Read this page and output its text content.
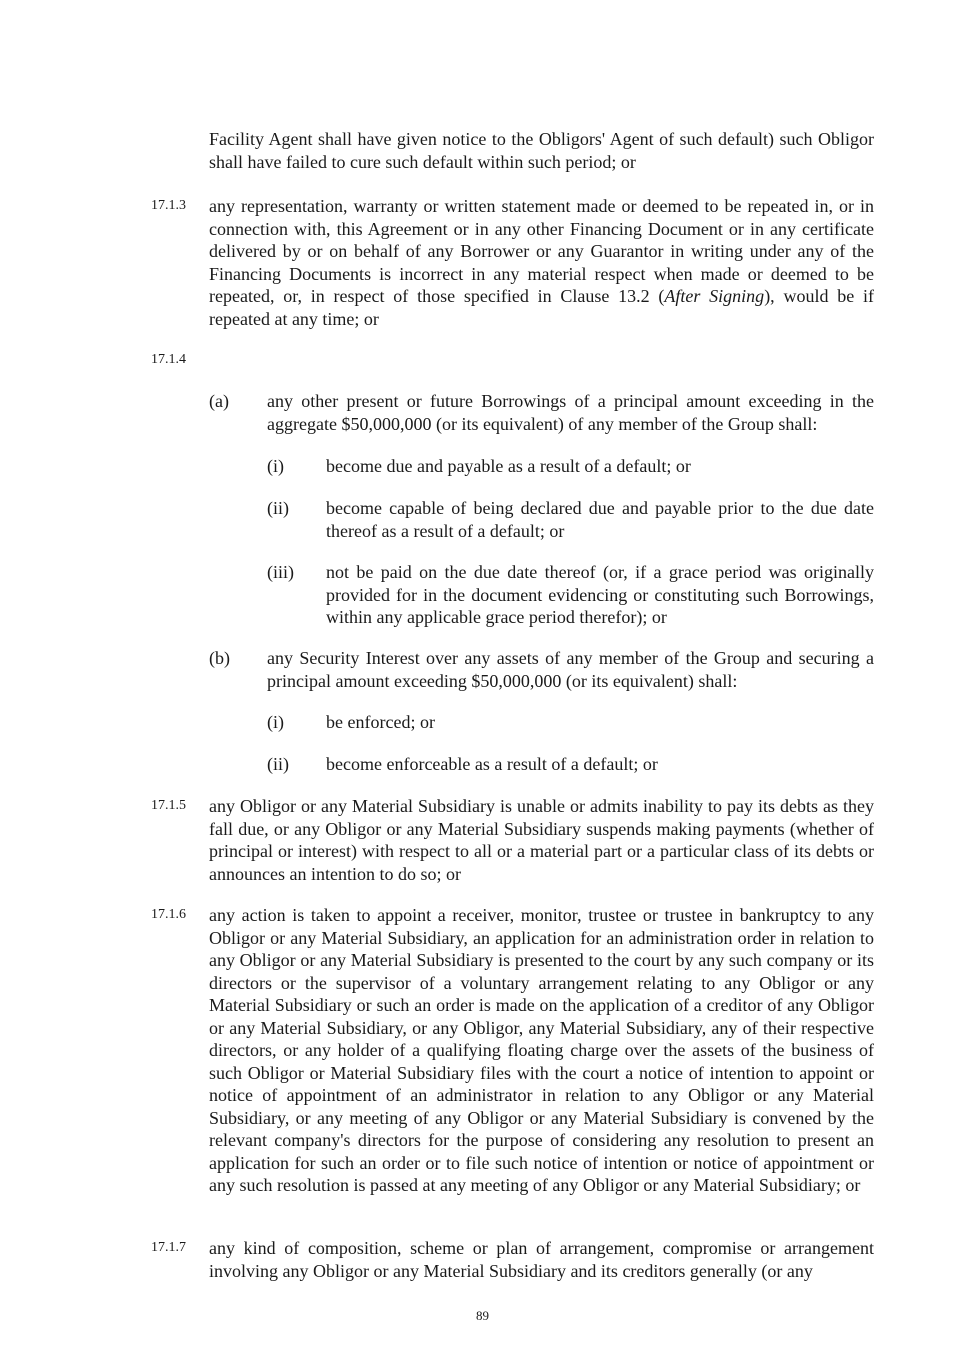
Facility Agent shall have given notice to the Obligors' Agent of such default) such Obligor shall have failed to cure such default within such period; or

17.1.3 any representation, warranty or written statement made or deemed to be repeated in, or in connection with, this Agreement or in any other Financing Document or in any certificate delivered by or on behalf of any Borrower or any Guarantor in writing under any of the Financing Documents is incorrect in any material respect when made or deemed to be repeated, or, in respect of those specified in Clause 13.2 (After Signing), would be if repeated at any time; or

17.1.4
(a) any other present or future Borrowings of a principal amount exceeding in the aggregate $50,000,000 (or its equivalent) of any member of the Group shall:

(i) become due and payable as a result of a default; or

(ii) become capable of being declared due and payable prior to the due date thereof as a result of a default; or

(iii) not be paid on the due date thereof (or, if a grace period was originally provided for in the document evidencing or constituting such Borrowings, within any applicable grace period therefor); or

(b) any Security Interest over any assets of any member of the Group and securing a principal amount exceeding $50,000,000 (or its equivalent) shall:

(i) be enforced; or

(ii) become enforceable as a result of a default; or

17.1.5 any Obligor or any Material Subsidiary is unable or admits inability to pay its debts as they fall due, or any Obligor or any Material Subsidiary suspends making payments (whether of principal or interest) with respect to all or a material part or a particular class of its debts or announces an intention to do so; or

17.1.6 any action is taken to appoint a receiver, monitor, trustee or trustee in bankruptcy to any Obligor or any Material Subsidiary, an application for an administration order in relation to any Obligor or any Material Subsidiary is presented to the court by any such company or its directors or the supervisor of a voluntary arrangement relating to any Obligor or any Material Subsidiary or such an order is made on the application of a creditor of any Obligor or any Material Subsidiary, or any Obligor, any Material Subsidiary, any of their respective directors, or any holder of a qualifying floating charge over the assets of the business of such Obligor or Material Subsidiary files with the court a notice of intention to appoint or notice of appointment of an administrator in relation to any Obligor or any Material Subsidiary, or any meeting of any Obligor or any Material Subsidiary is convened by the relevant company's directors for the purpose of considering any resolution to present an application for such an order or to file such notice of intention or notice of appointment or any such resolution is passed at any meeting of any Obligor or any Material Subsidiary; or

17.1.7 any kind of composition, scheme or plan of arrangement, compromise or arrangement involving any Obligor or any Material Subsidiary and its creditors generally (or any

89
